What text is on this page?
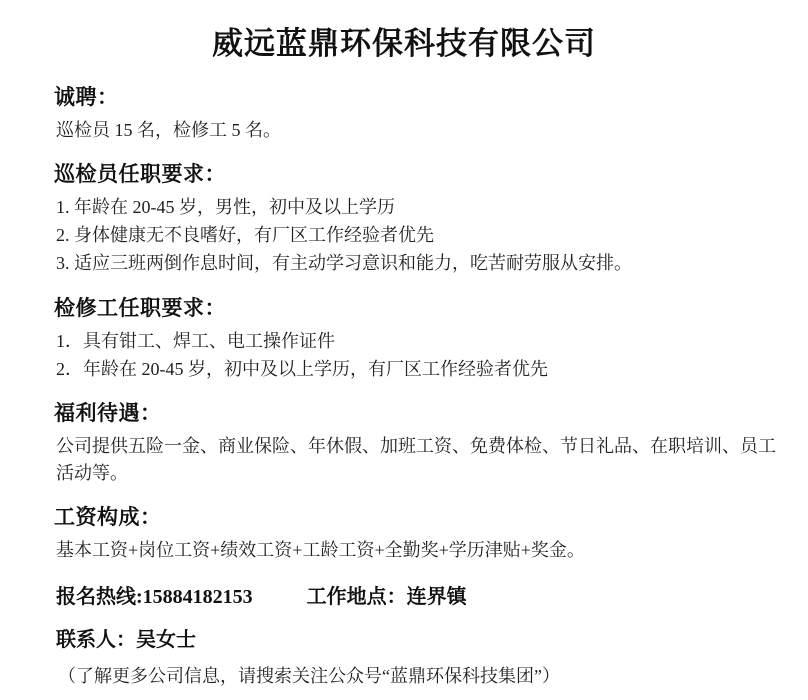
威远蓝鼎环保科技有限公司
诚聘：
巡检员 15 名，检修工 5 名。
巡检员任职要求：
1. 年龄在 20-45 岁，男性，初中及以上学历
2. 身体健康无不良嗜好，有厂区工作经验者优先
3. 适应三班两倒作息时间，有主动学习意识和能力，吃苦耐劳服从安排。
检修工任职要求：
1．具有钳工、焊工、电工操作证件
2．年龄在 20-45 岁，初中及以上学历，有厂区工作经验者优先
福利待遇：
公司提供五险一金、商业保险、年休假、加班工资、免费体检、节日礼品、在职培训、员工活动等。
工资构成：
基本工资+岗位工资+绩效工资+工龄工资+全勤奖+学历津贴+奖金。
报名热线: 15884182153	工作地点： 连界镇
联系人：吴女士
（了解更多公司信息，请搜索关注公众号“蓝鼎环保科技集团”）
